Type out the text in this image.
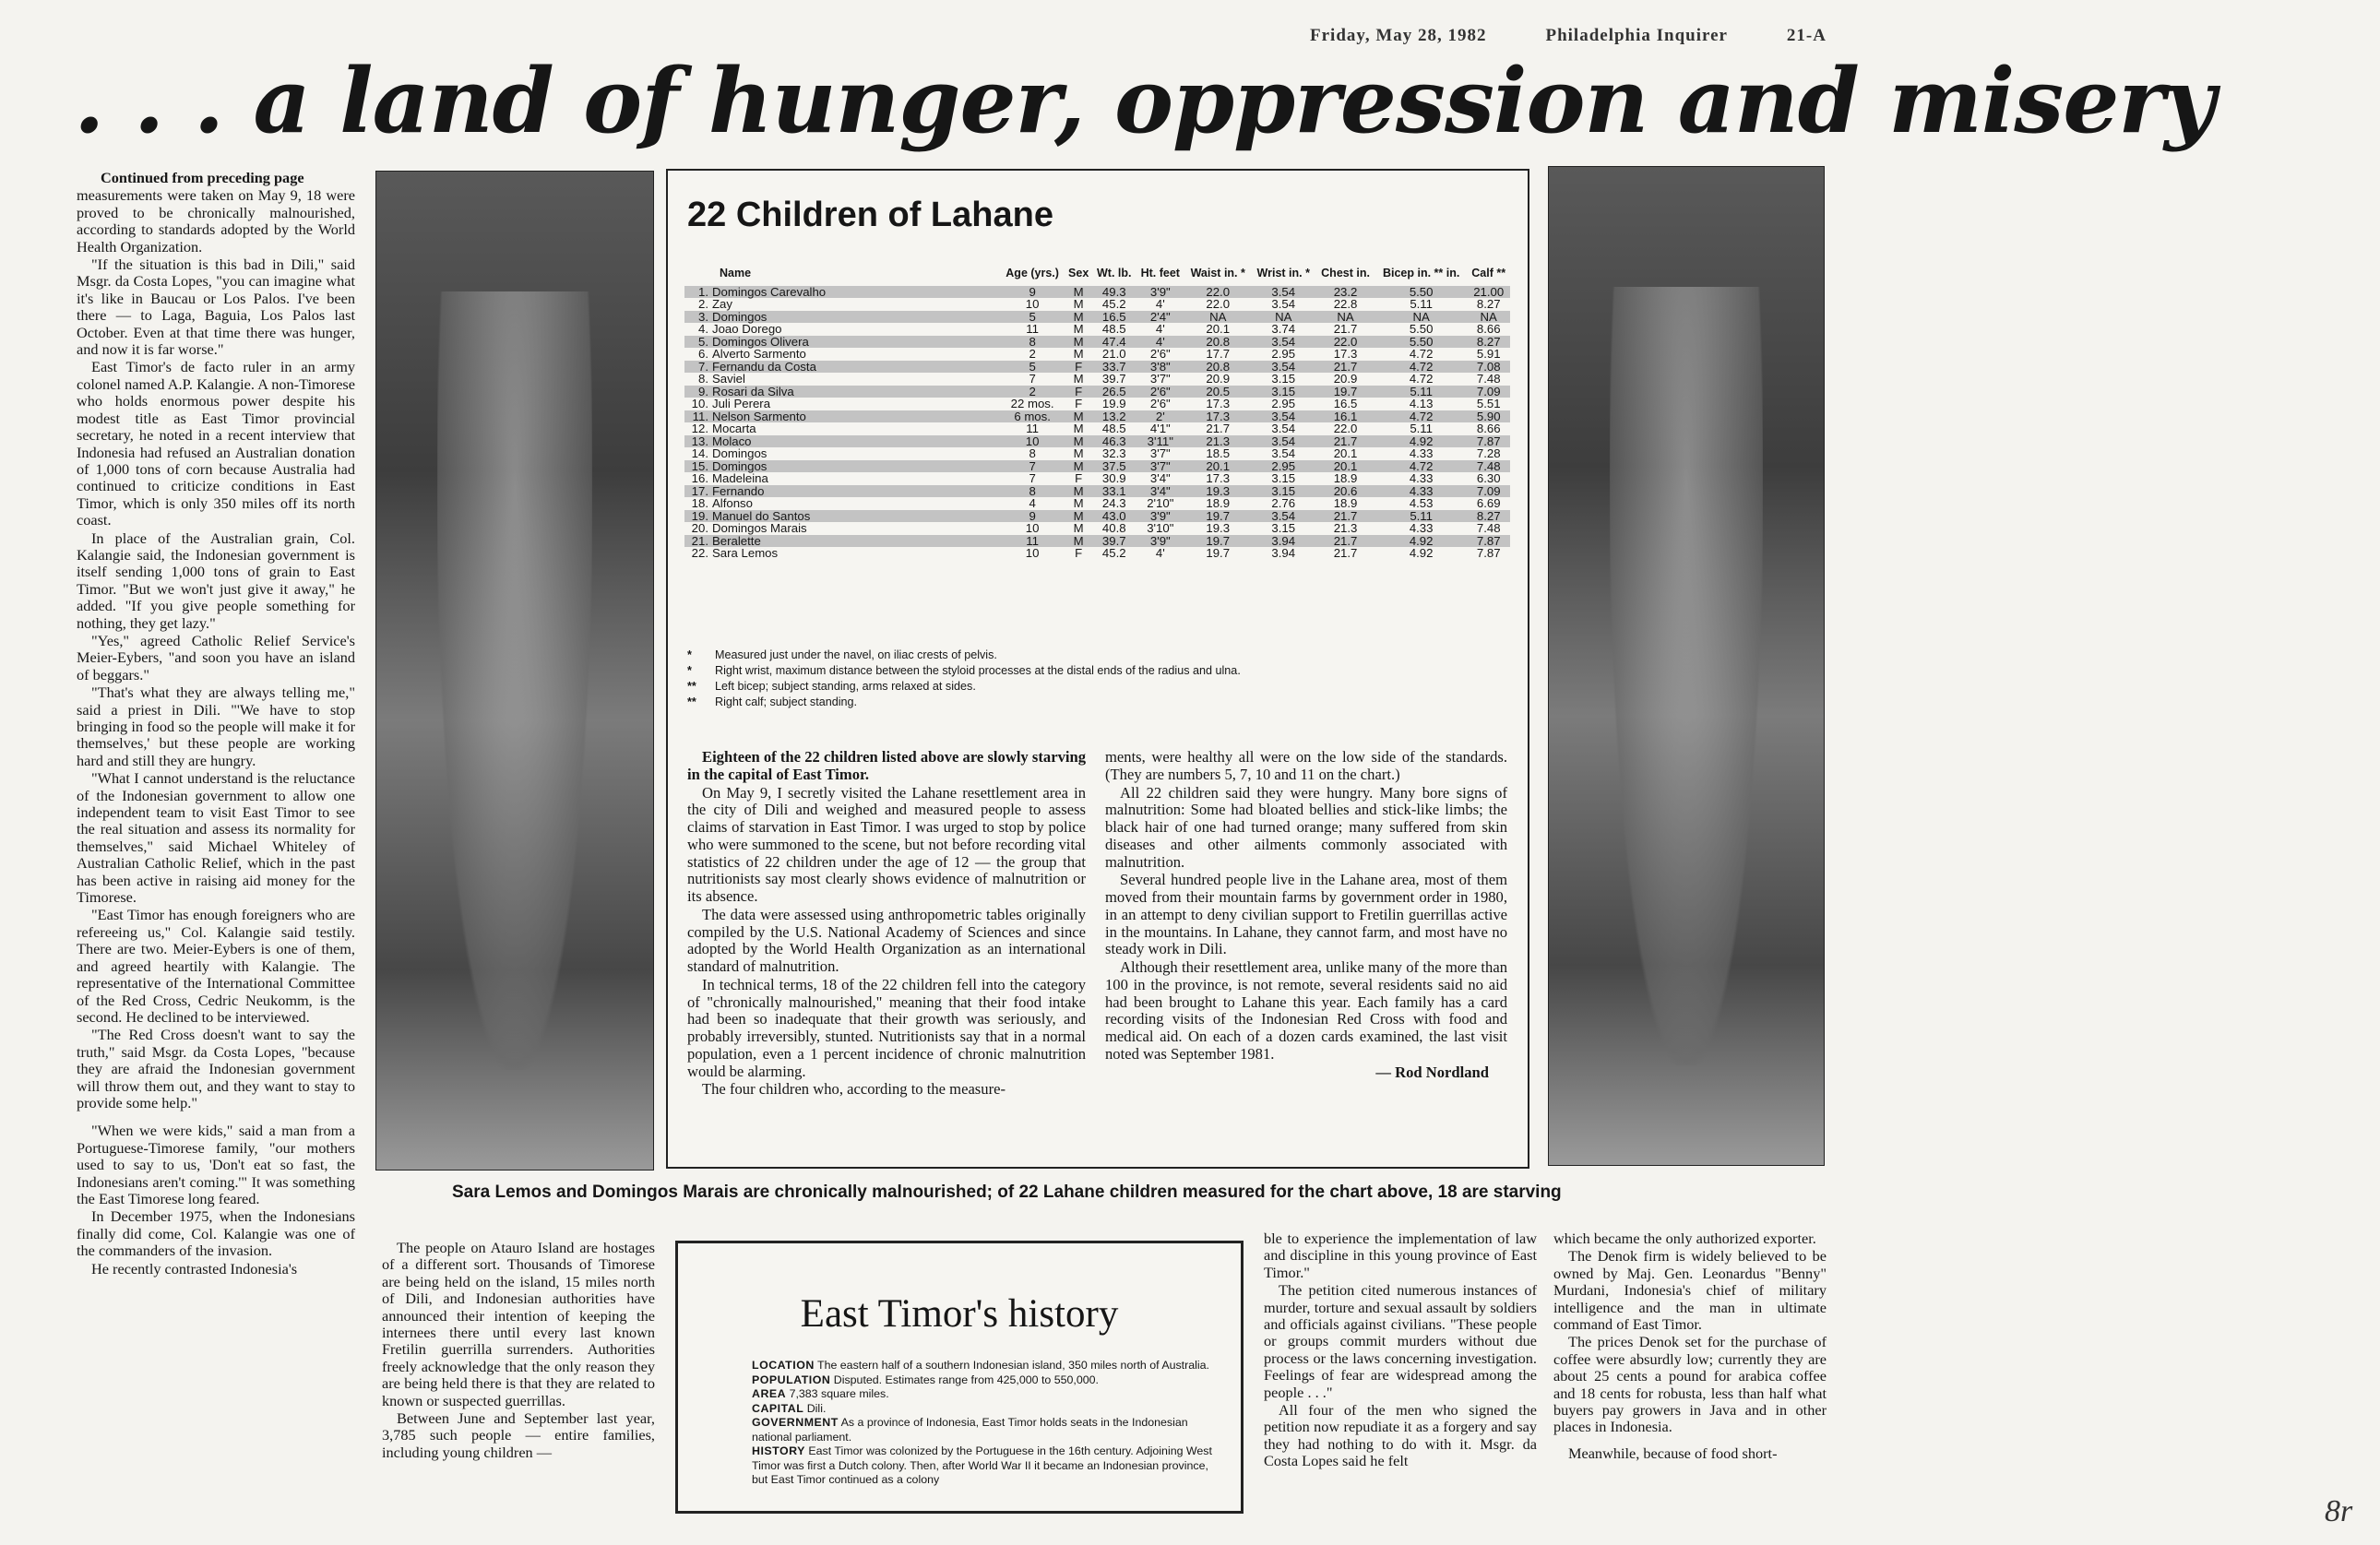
Friday, May 28, 1982	Philadelphia Inquirer	21-A
. . . a land of hunger, oppression and misery

Continued from preceding page

measurements were taken on May 9, 18 were proved to be chronically malnourished, according to standards adopted by the World Health Organization.

"If the situation is this bad in Dili," said Msgr. da Costa Lopes, "you can imagine what it's like in Baucau or Los Palos. I've been there — to Laga, Baguia, Los Palos last October. Even at that time there was hunger, and now it is far worse."

East Timor's de facto ruler in an army colonel named A.P. Kalangie. A non-Timorese who holds enormous power despite his modest title as East Timor provincial secretary, he noted in a recent interview that Indonesia had refused an Australian donation of 1,000 tons of corn because Australia had continued to criticize conditions in East Timor, which is only 350 miles off its north coast.

In place of the Australian grain, Col. Kalangie said, the Indonesian government is itself sending 1,000 tons of grain to East Timor. "But we won't just give it away," he added. "If you give people something for nothing, they get lazy."

"Yes," agreed Catholic Relief Service's Meier-Eybers, "and soon you have an island of beggars."

"That's what they are always telling me," said a priest in Dili. "'We have to stop bringing in food so the people will make it for themselves,' but these people are working hard and still they are hungry.

"What I cannot understand is the reluctance of the Indonesian government to allow one independent team to visit East Timor to see the real situation and assess its normality for themselves," said Michael Whiteley of Australian Catholic Relief, which in the past has been active in raising aid money for the Timorese.

"East Timor has enough foreigners who are refereeing us," Col. Kalangie said testily. There are two. Meier-Eybers is one of them, and agreed heartily with Kalangie. The representative of the International Committee of the Red Cross, Cedric Neukomm, is the second. He declined to be interviewed.

"The Red Cross doesn't want to say the truth," said Msgr. da Costa Lopes, "because they are afraid the Indonesian government will throw them out, and they want to stay to provide some help."

"When we were kids," said a man from a Portuguese-Timorese family, "our mothers used to say to us, 'Don't eat so fast, the Indonesians aren't coming.'" It was something the East Timorese long feared.

In December 1975, when the Indonesians finally did come, Col. Kalangie was one of the commanders of the invasion.

He recently contrasted Indonesia's

22 Children of Lahane
Name		Age (yrs.)	Sex	Wt. lb.	Ht. feet	Waist in. *	Wrist in. *	Chest in.	Bicep in. ** in.	Calf **
1.	Domingos Carevalho	9	M	49.3	3'9"	22.0	3.54	23.2	5.50	21.00
2.	Zay	10	M	45.2	4'	22.0	3.54	22.8	5.11	8.27
3.	Domingos	5	M	16.5	2'4"	NA	NA	NA	NA	NA
4.	Joao Dorego	11	M	48.5	4'	20.1	3.74	21.7	5.50	8.66
5.	Domingos Olivera	8	M	47.4	4'	20.8	3.54	22.0	5.50	8.27
6.	Alverto Sarmento	2	M	21.0	2'6"	17.7	2.95	17.3	4.72	5.91
7.	Fernandu da Costa	5	F	33.7	3'8"	20.8	3.54	21.7	4.72	7.08
8.	Saviel	7	M	39.7	3'7"	20.9	3.15	20.9	4.72	7.48
9.	Rosari da Silva	2	F	26.5	2'6"	20.5	3.15	19.7	5.11	7.09
10.	Juli Perera	22 mos.	F	19.9	2'6"	17.3	2.95	16.5	4.13	5.51
11.	Nelson Sarmento	6 mos.	M	13.2	2'	17.3	3.54	16.1	4.72	5.90
12.	Mocarta	11	M	48.5	4'1"	21.7	3.54	22.0	5.11	8.66
13.	Molaco	10	M	46.3	3'11"	21.3	3.54	21.7	4.92	7.87
14.	Domingos	8	M	32.3	3'7"	18.5	3.54	20.1	4.33	7.28
15.	Domingos	7	M	37.5	3'7"	20.1	2.95	20.1	4.72	7.48
16.	Madeleina	7	F	30.9	3'4"	17.3	3.15	18.9	4.33	6.30
17.	Fernando	8	M	33.1	3'4"	19.3	3.15	20.6	4.33	7.09
18.	Alfonso	4	M	24.3	2'10"	18.9	2.76	18.9	4.53	6.69
19.	Manuel do Santos	9	M	43.0	3'9"	19.7	3.54	21.7	5.11	8.27
20.	Domingos Marais	10	M	40.8	3'10"	19.3	3.15	21.3	4.33	7.48
21.	Beralette	11	M	39.7	3'9"	19.7	3.94	21.7	4.92	7.87
22.	Sara Lemos	10	F	45.2	4'	19.7	3.94	21.7	4.92	7.87
* Measured just under the navel, on iliac crests of pelvis.
* Right wrist, maximum distance between the styloid processes at the distal ends of the radius and ulna.
** Left bicep; subject standing, arms relaxed at sides.
** Right calf; subject standing.

Eighteen of the 22 children listed above are slowly starving in the capital of East Timor.

On May 9, I secretly visited the Lahane resettlement area in the city of Dili and weighed and measured people to assess claims of starvation in East Timor. I was urged to stop by police who were summoned to the scene, but not before recording vital statistics of 22 children under the age of 12 — the group that nutritionists say most clearly shows evidence of malnutrition or its absence.

The data were assessed using anthropometric tables originally compiled by the U.S. National Academy of Sciences and since adopted by the World Health Organization as an international standard of malnutrition.

In technical terms, 18 of the 22 children fell into the category of "chronically malnourished," meaning that their food intake had been so inadequate that their growth was seriously, and probably irreversibly, stunted. Nutritionists say that in a normal population, even a 1 percent incidence of chronic malnutrition would be alarming.

The four children who, according to the measure-

ments, were healthy all were on the low side of the standards. (They are numbers 5, 7, 10 and 11 on the chart.)

All 22 children said they were hungry. Many bore signs of malnutrition: Some had bloated bellies and stick-like limbs; the black hair of one had turned orange; many suffered from skin diseases and other ailments commonly associated with malnutrition.

Several hundred people live in the Lahane area, most of them moved from their mountain farms by government order in 1980, in an attempt to deny civilian support to Fretilin guerrillas active in the mountains. In Lahane, they cannot farm, and most have no steady work in Dili.

Although their resettlement area, unlike many of the more than 100 in the province, is not remote, several residents said no aid had been brought to Lahane this year. Each family has a card recording visits of the Indonesian Red Cross with food and medical aid. On each of a dozen cards examined, the last visit noted was September 1981.

— Rod Nordland

Sara Lemos and Domingos Marais are chronically malnourished; of 22 Lahane children measured for the chart above, 18 are starving

The people on Atauro Island are hostages of a different sort. Thousands of Timorese are being held on the island, 15 miles north of Dili, and Indonesian authorities have announced their intention of keeping the internees there until every last known Fretilin guerrilla surrenders. Authorities freely acknowledge that the only reason they are being held there is that they are related to known or suspected guerrillas.

Between June and September last year, 3,785 such people — entire families, including young children —

East Timor's history
LOCATION The eastern half of a southern Indonesian island, 350 miles north of Australia.
POPULATION Disputed. Estimates range from 425,000 to 550,000.
AREA 7,383 square miles.
CAPITAL Dili.
GOVERNMENT As a province of Indonesia, East Timor holds seats in the Indonesian national parliament.
HISTORY East Timor was colonized by the Portuguese in the 16th century. Adjoining West Timor was first a Dutch colony. Then, after World War II it became an Indonesian province, but East Timor continued as a colony

ble to experience the implementation of law and discipline in this young province of East Timor."

The petition cited numerous instances of murder, torture and sexual assault by soldiers and officials against civilians. "These people or groups commit murders without due process or the laws concerning investigation. Feelings of fear are widespread among the people . . ."

All four of the men who signed the petition now repudiate it as a forgery and say they had nothing to do with it. Msgr. da Costa Lopes said he felt

which became the only authorized exporter.

The Denok firm is widely believed to be owned by Maj. Gen. Leonardus "Benny" Murdani, Indonesia's chief of military intelligence and the man in ultimate command of East Timor.

The prices Denok set for the purchase of coffee were absurdly low; currently they are about 25 cents a pound for arabica coffee and 18 cents for robusta, less than half what buyers pay growers in Java and in other places in Indonesia.

Meanwhile, because of food short-

8r
